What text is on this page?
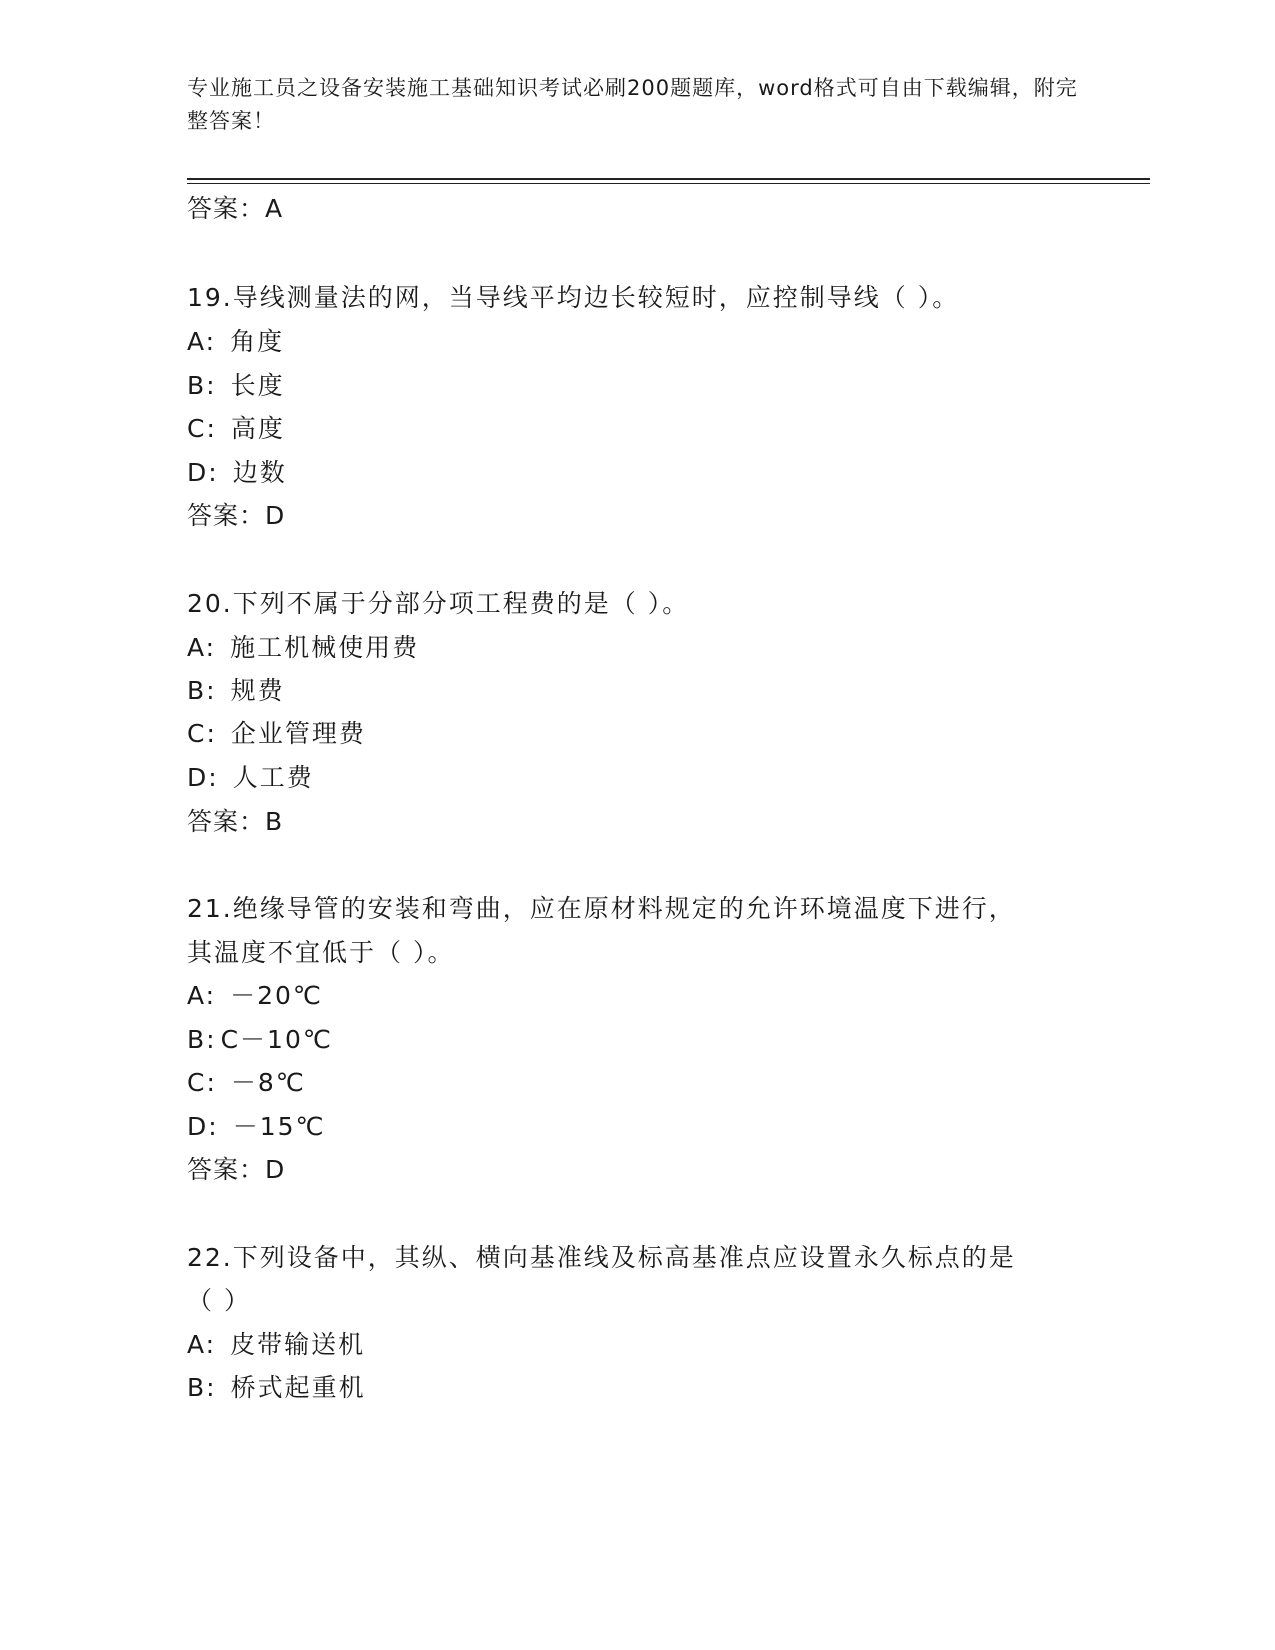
专业施工员之设备安装施工基础知识考试必刷200题题库，word格式可自由下载编辑，附完整答案！
答案：A
19.导线测量法的网，当导线平均边长较短时，应控制导线（ ）。
A: 角度
B: 长度
C: 高度
D: 边数
答案：D
20.下列不属于分部分项工程费的是（ ）。
A: 施工机械使用费
B: 规费
C: 企业管理费
D: 人工费
答案：B
21.绝缘导管的安装和弯曲，应在原材料规定的允许环境温度下进行，
其温度不宜低于（ ）。
A: －20℃
B: C－10℃
C: －8℃
D: －15℃
答案：D
22.下列设备中，其纵、横向基准线及标高基准点应设置永久标点的是
（ ）
A: 皮带输送机
B: 桥式起重机
